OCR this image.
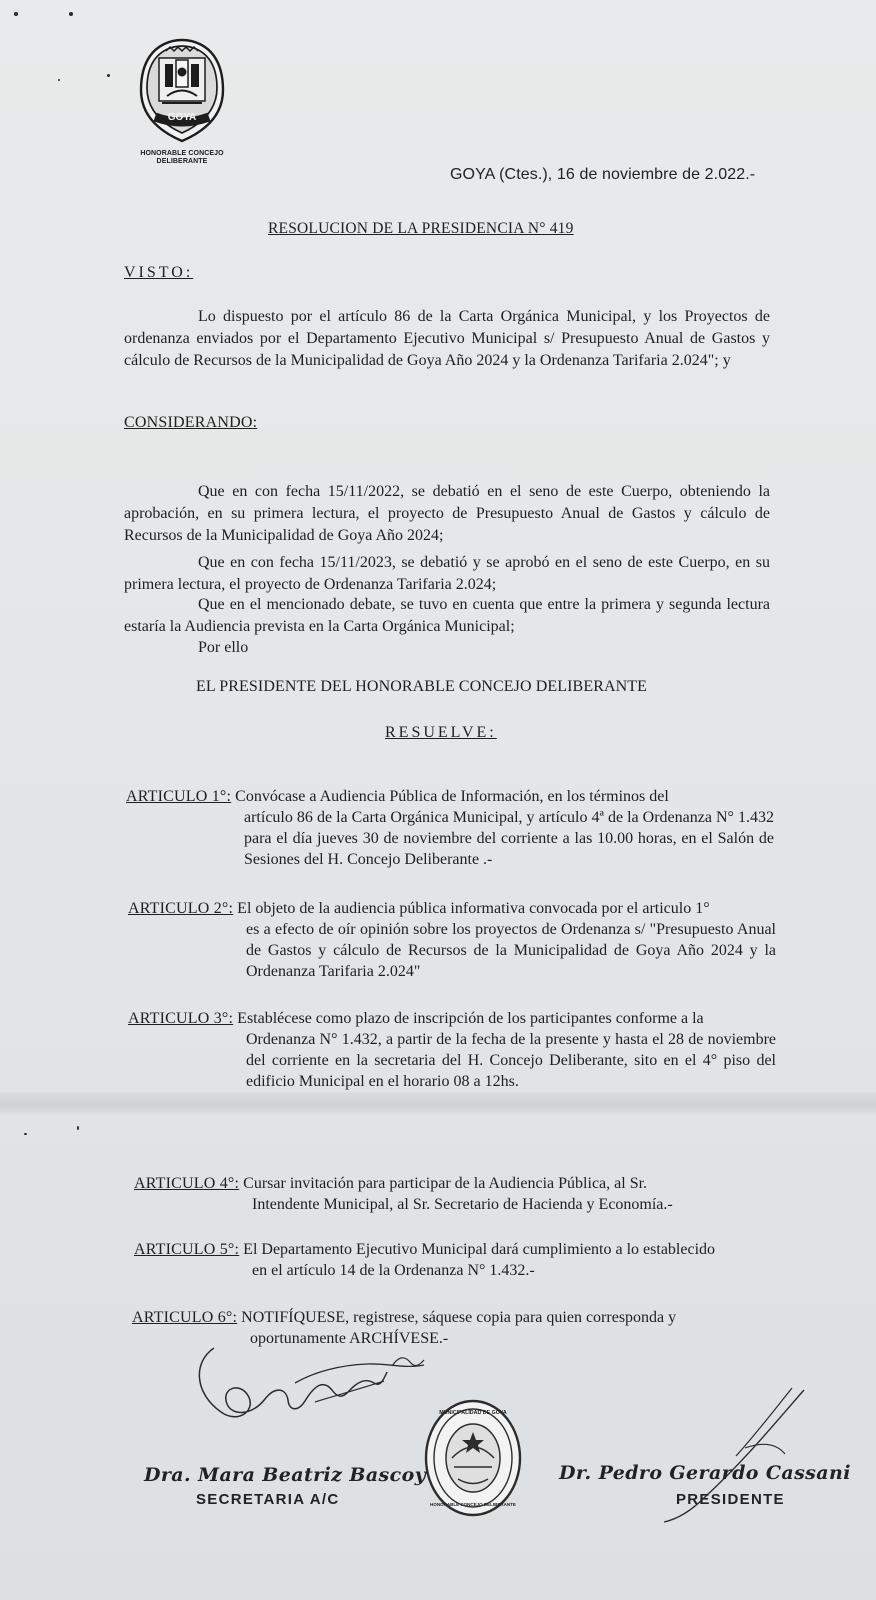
GOYA
HONORABLE CONCEJO DELIBERANTE
GOYA (Ctes.), 16 de noviembre de 2.022.-
RESOLUCION DE LA PRESIDENCIA N° 419
VISTO:
Lo dispuesto por el artículo 86 de la Carta Orgánica Municipal, y los Proyectos de ordenanza enviados por el Departamento Ejecutivo Municipal s/ Presupuesto Anual de Gastos y cálculo de Recursos de la Municipalidad de Goya Año 2024 y la Ordenanza Tarifaria 2.024"; y
CONSIDERANDO:
Que en con fecha 15/11/2022, se debatió en el seno de este Cuerpo, obteniendo la aprobación, en su primera lectura, el proyecto de Presupuesto Anual de Gastos y cálculo de Recursos de la Municipalidad de Goya Año 2024;
Que en con fecha 15/11/2023, se debatió y se aprobó en el seno de este Cuerpo, en su primera lectura, el proyecto de Ordenanza Tarifaria 2.024;
Que en el mencionado debate, se tuvo en cuenta que entre la primera y segunda lectura estaría la Audiencia prevista en la Carta Orgánica Municipal;
Por ello
EL PRESIDENTE DEL HONORABLE CONCEJO DELIBERANTE
RESUELVE:
ARTICULO 1°: Convócase a Audiencia Pública de Información, en los términos del
artículo 86 de la Carta Orgánica Municipal, y artículo 4ª de la Ordenanza N° 1.432 para el día jueves 30 de noviembre del corriente a las 10.00 horas, en el Salón de Sesiones del H. Concejo Deliberante .-
ARTICULO 2°: El objeto de la audiencia pública informativa convocada por el articulo 1°
es a efecto de oír opinión sobre los proyectos de Ordenanza s/ "Presupuesto Anual de Gastos y cálculo de Recursos de la Municipalidad de Goya Año 2024 y la Ordenanza Tarifaria 2.024"
ARTICULO 3°: Establécese como plazo de inscripción de los participantes conforme a la
Ordenanza N° 1.432, a partir de la fecha de la presente y hasta el 28 de noviembre del corriente en la secretaria del H. Concejo Deliberante, sito en el 4° piso del edificio Municipal en el horario 08 a 12hs.
ARTICULO 4°: Cursar invitación para participar de la Audiencia Pública, al Sr.
Intendente Municipal, al Sr. Secretario de Hacienda y Economía.-
ARTICULO 5°: El Departamento Ejecutivo Municipal dará cumplimiento a lo establecido
en el artículo 14 de la Ordenanza N° 1.432.-
ARTICULO 6°: NOTIFÍQUESE, registrese, sáquese copia para quien corresponda y
oportunamente ARCHÍVESE.-
MUNICIPALIDAD DE GOYA
HONORABLE CONCEJO DELIBERANTE
Dra. Mara Beatriz Bascoy
SECRETARIA A/C
Dr. Pedro Gerardo Cassani
PRESIDENTE
